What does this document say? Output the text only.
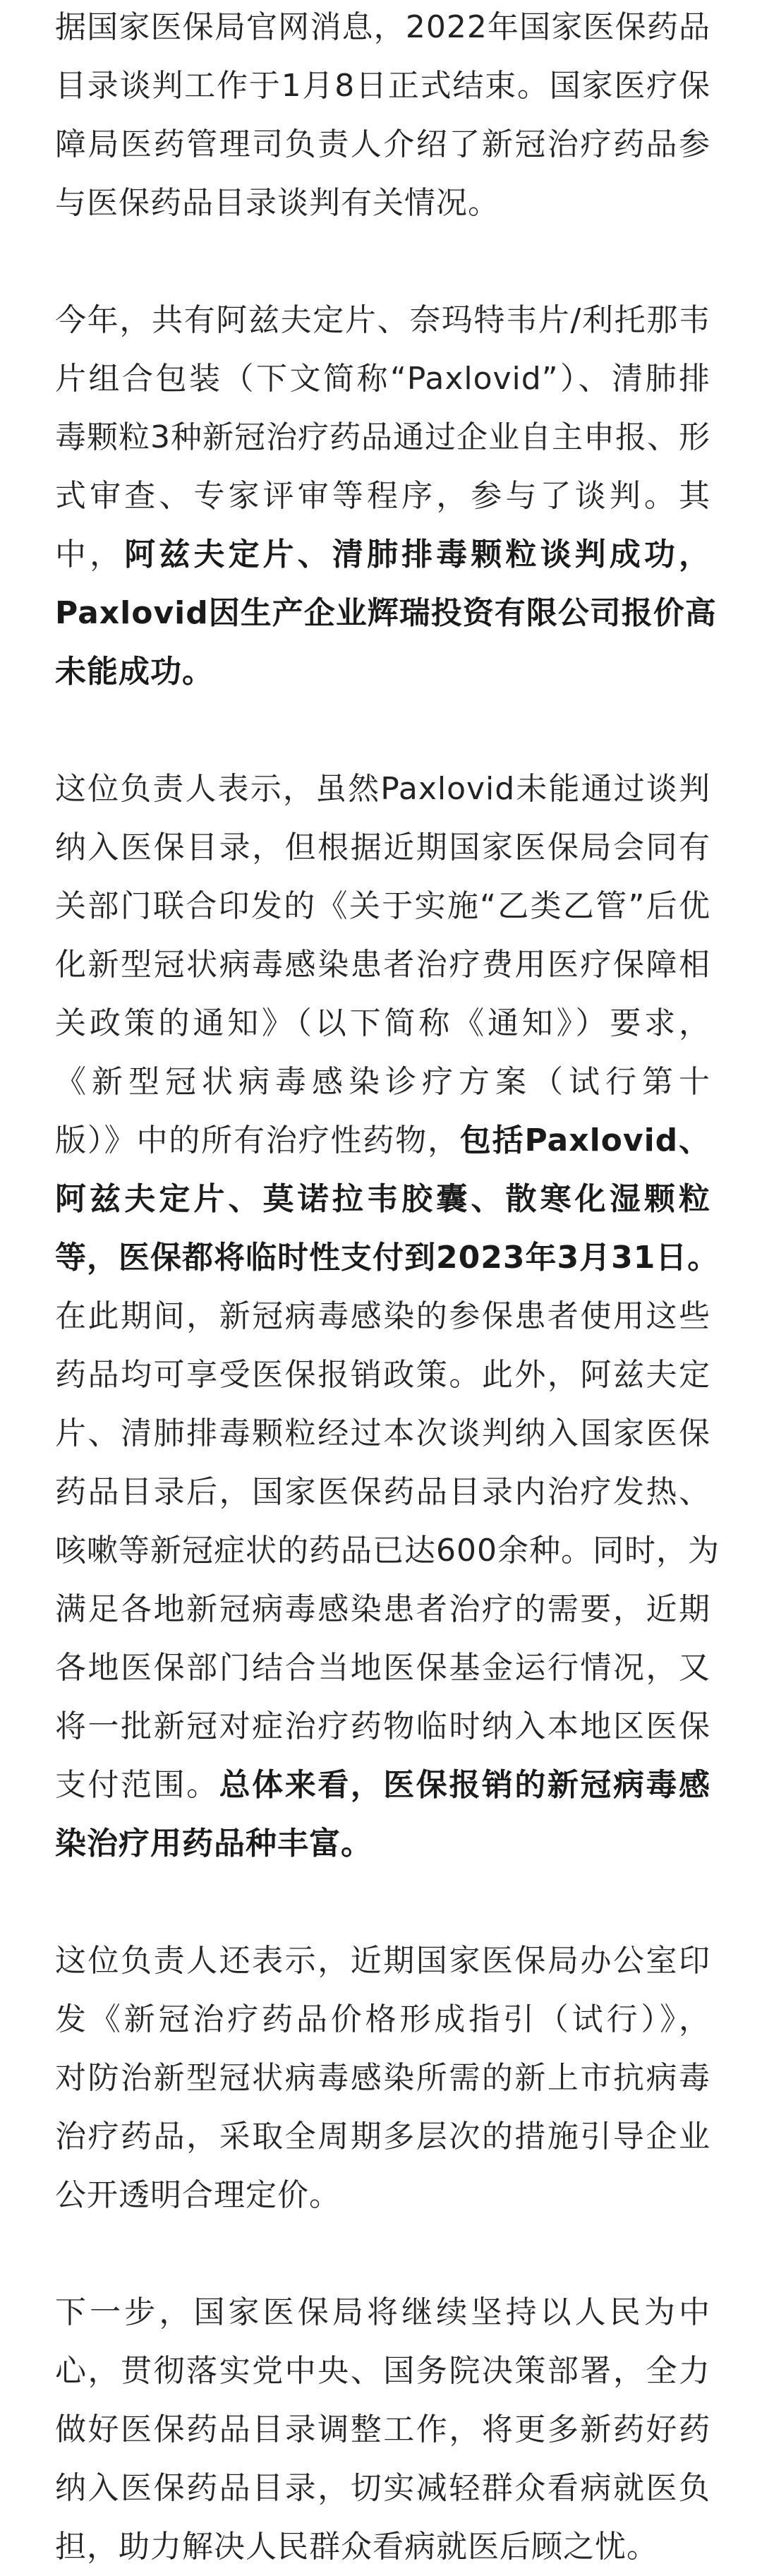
据国家医保局官网消息，2022年国家医保药品
目录谈判工作于1月8日正式结束。国家医疗保
障局医药管理司负责人介绍了新冠治疗药品参
与医保药品目录谈判有关情况。
今年，共有阿兹夫定片、奈玛特韦片/利托那韦
片组合包装（下文简称“Paxlovid”）、清肺排
毒颗粒3种新冠治疗药品通过企业自主申报、形
式审查、专家评审等程序，参与了谈判。其
中，阿兹夫定片、清肺排毒颗粒谈判成功，
Paxlovid因生产企业辉瑞投资有限公司报价高
未能成功。
这位负责人表示，虽然Paxlovid未能通过谈判
纳入医保目录，但根据近期国家医保局会同有
关部门联合印发的《关于实施“乙类乙管”后优
化新型冠状病毒感染患者治疗费用医疗保障相
关政策的通知》（以下简称《通知》）要求，
《新型冠状病毒感染诊疗方案（试行第十
版）》中的所有治疗性药物，包括Paxlovid、
阿兹夫定片、莫诺拉韦胶囊、散寒化湿颗粒
等，医保都将临时性支付到2023年3月31日。
在此期间，新冠病毒感染的参保患者使用这些
药品均可享受医保报销政策。此外，阿兹夫定
片、清肺排毒颗粒经过本次谈判纳入国家医保
药品目录后，国家医保药品目录内治疗发热、
咳嗽等新冠症状的药品已达600余种。同时，为
满足各地新冠病毒感染患者治疗的需要，近期
各地医保部门结合当地医保基金运行情况，又
将一批新冠对症治疗药物临时纳入本地区医保
支付范围。总体来看，医保报销的新冠病毒感
染治疗用药品种丰富。
这位负责人还表示，近期国家医保局办公室印
发《新冠治疗药品价格形成指引（试行）》，
对防治新型冠状病毒感染所需的新上市抗病毒
治疗药品，采取全周期多层次的措施引导企业
公开透明合理定价。
下一步，国家医保局将继续坚持以人民为中
心，贯彻落实党中央、国务院决策部署，全力
做好医保药品目录调整工作，将更多新药好药
纳入医保药品目录，切实减轻群众看病就医负
担，助力解决人民群众看病就医后顾之忧。
